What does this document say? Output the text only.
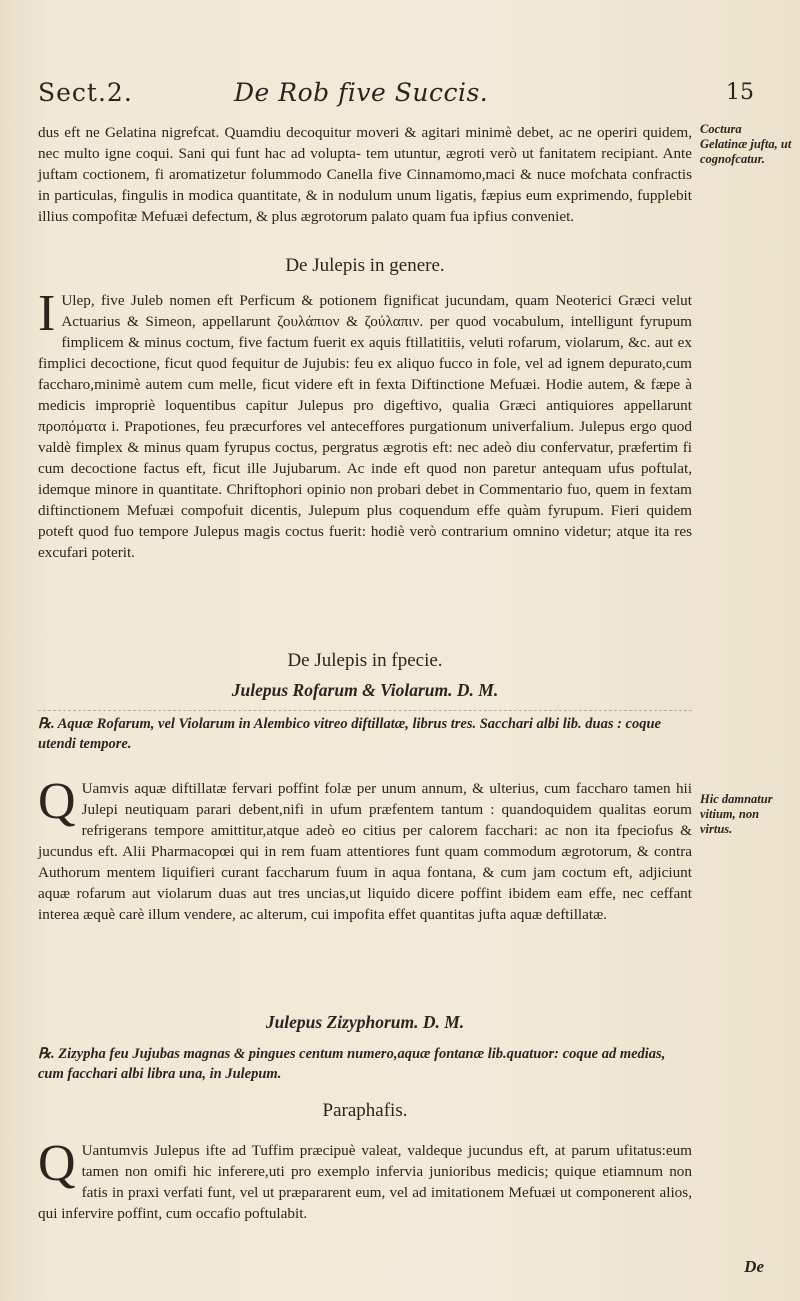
Sect.2.	De Rob five Succis.	15

dus eft ne Gelatina nigrefcat. Quamdiu decoquitur moveri & agitari minimè debet, ac ne operiri quidem, nec multo igne coqui. Sani qui funt hac ad volupta- tem utuntur, ægroti verò ut fanitatem recipiant. Ante juftam coctionem, fi aromatizetur folummodo Canella five Cinnamomo,maci & nuce mofchata confractis in particulas, fingulis in modica quantitate, & in nodulum unum ligatis, fæpius eum exprimendo, fupplebit illius compofitæ Mefuæi defectum, & plus ægrotorum palato quam fua ipfius conveniet.

Coctura Gelatinæ jufta, ut cognofcatur.
De Julepis in genere.
I Ulep, five Juleb nomen eft Perficum & potionem fignificat jucundam, quam Neoterici Græci velut Actuarius & Simeon, appellarunt ζουλάπιον & ζούλαπιν. per quod vocabulum, intelligunt fyrupum fimplicem & minus coctum, five factum fuerit ex aquis ftillatitiis, veluti rofarum, violarum, &c. aut ex fimplici decoctione, ficut quod fequitur de Jujubis: feu ex aliquo fucco in fole, vel ad ignem depurato,cum faccharo,minimè autem cum melle, ficut videre eft in fexta Diftinctione Mefuæi. Hodie autem, & fæpe à medicis impropriè loquentibus capitur Julepus pro digeftivo, qualia Græci antiquiores appellarunt προπόματα i. Prapotiones, feu præcurfores vel anteceffores purgationum univerfalium. Julepus ergo quod valdè fimplex & minus quam fyrupus coctus, pergratus ægrotis eft: nec adeò diu confervatur, præfertim fi cum decoctione factus eft, ficut ille Jujubarum. Ac inde eft quod non paretur antequam ufus poftulat, idemque minore in quantitate. Chriftophori opinio non probari debet in Commentario fuo, quem in fextam diftinctionem Mefuæi compofuit dicentis, Julepum plus coquendum effe quàm fyrupum. Fieri quidem poteft quod fuo tempore Julepus magis coctus fuerit: hodiè verò contrarium omnino videtur; atque ita res excufari poterit.

De Julepis in fpecie.
Julepus Rofarum & Violarum. D. M.
℞. Aquæ Rofarum, vel Violarum in Alembico vitreo diftillatæ, librus tres. Sacchari albi lib. duas : coque utendi tempore.
Q Uamvis aquæ diftillatæ fervari poffint folæ per unum annum, & ulterius, cum faccharo tamen hii Julepi neutiquam parari debent,nifi in ufum præfentem tantum : quandoquidem qualitas eorum refrigerans tempore amittitur,atque adeò eo citius per calorem facchari: ac non ita fpeciofus & jucundus eft. Alii Pharmacopœi qui in rem fuam attentiores funt quam commodum ægrotorum, & contra Authorum mentem liquifieri curant faccharum fuum in aqua fontana, & cum jam coctum eft, adjiciunt aquæ rofarum aut violarum duas aut tres uncias,ut liquido dicere poffint ibidem eam effe, nec ceffant interea æquè carè illum vendere, ac alterum, cui impofita effet quantitas jufta aquæ deftillatæ.

Hic damnatur vitium, non virtus.
Julepus Zizyphorum. D. M.
℞. Zizypha feu Jujubas magnas & pingues centum numero,aquæ fontanæ lib.quatuor: coque ad medias, cum facchari albi libra una, in Julepum.
Paraphafis.
Q Uantumvis Julepus ifte ad Tuffim præcipuè valeat, valdeque jucundus eft, at parum ufitatus:eum tamen non omifi hic inferere,uti pro exemplo infervia junioribus medicis; quique etiamnum non fatis in praxi verfati funt, vel ut præpararent eum, vel ad imitationem Mefuæi ut componerent alios, qui infervire poffint, cum occafio poftulabit.

De
